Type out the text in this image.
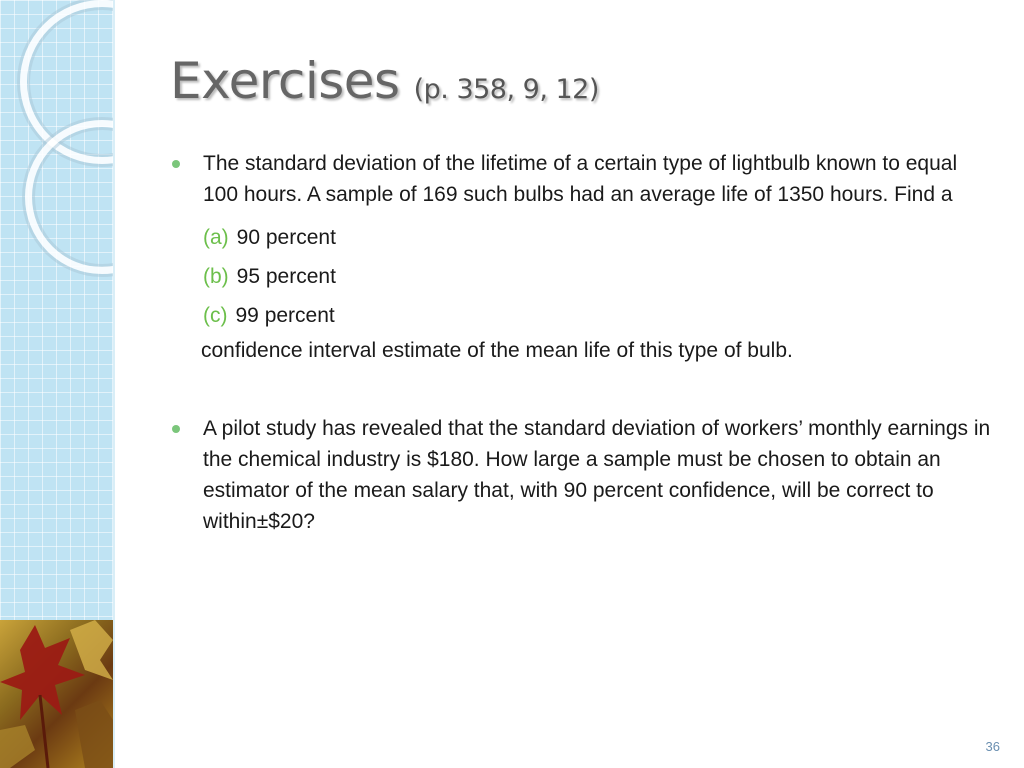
Exercises (p. 358, 9, 12)
The standard deviation of the lifetime of a certain type of lightbulb known to equal 100 hours. A sample of 169 such bulbs had an average life of 1350 hours. Find a
(a) 90 percent
(b) 95 percent
(c) 99 percent
confidence interval estimate of the mean life of this type of bulb.
A pilot study has revealed that the standard deviation of workers’ monthly earnings in the chemical industry is $180. How large a sample must be chosen to obtain an estimator of the mean salary that, with 90 percent confidence, will be correct to within±$20?
36
